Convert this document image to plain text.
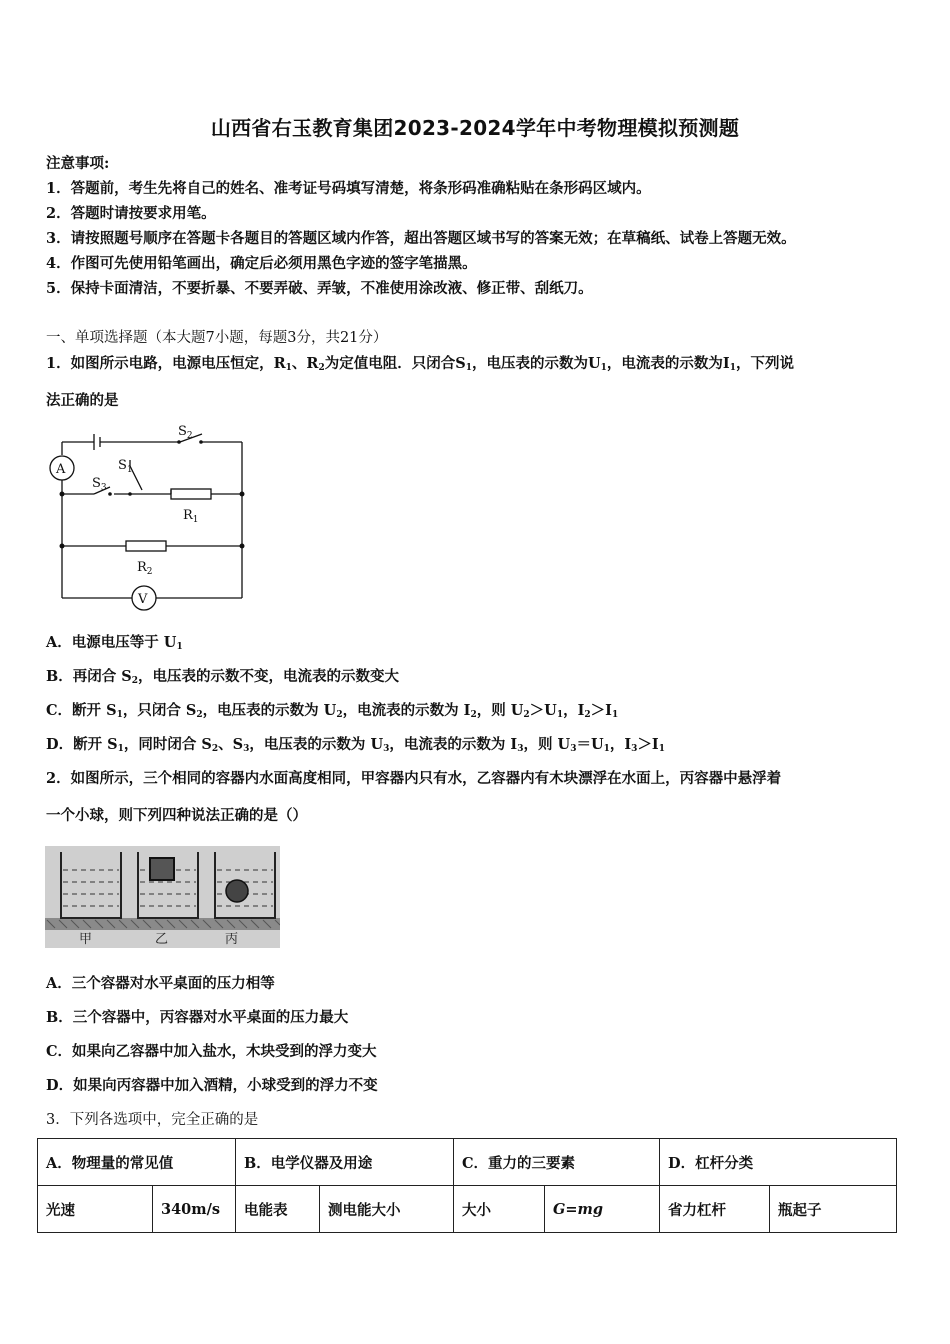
山西省右玉教育集团2023-2024学年中考物理模拟预测题
注意事项:
1．答题前，考生先将自己的姓名、准考证号码填写清楚，将条形码准确粘贴在条形码区域内。
2．答题时请按要求用笔。
3．请按照题号顺序在答题卡各题目的答题区域内作答，超出答题区域书写的答案无效；在草稿纸、试卷上答题无效。
4．作图可先使用铅笔画出，确定后必须用黑色字迹的签字笔描黑。
5．保持卡面清洁，不要折暴、不要弄破、弄皱，不准使用涂改液、修正带、刮纸刀。
一、单项选择题（本大题7小题，每题3分，共21分）
1．如图所示电路，电源电压恒定，$R_1$、$R_2$为定值电阻．只闭合$S_1$，电压表的示数为$U_1$，电流表的示数为$I_1$，下列说
法正确的是
A
V
$S_2$
$S_1$
$S_3$
$R_1$
$R_2$
A．电源电压等于 $U_1$
B．再闭合 $S_2$，电压表的示数不变，电流表的示数变大
C．断开 $S_1$，只闭合 $S_2$，电压表的示数为 $U_2$，电流表的示数为 $I_2$，则 $U_2>U_1$，$I_2>I_1$
D．断开 $S_1$，同时闭合 $S_2$、$S_3$，电压表的示数为 $U_3$，电流表的示数为 $I_3$，则 $U_3=U_1$，$I_3>I_1$
2．如图所示，三个相同的容器内水面高度相同，甲容器内只有水，乙容器内有木块漂浮在水面上，丙容器中悬浮着
一个小球，则下列四种说法正确的是（）
甲	乙	丙
A．三个容器对水平桌面的压力相等
B．三个容器中，丙容器对水平桌面的压力最大
C．如果向乙容器中加入盐水，木块受到的浮力变大
D．如果向丙容器中加入酒精，小球受到的浮力不变
3．下列各选项中，完全正确的是
A．物理量的常见值		B．电学仪器及用途		C．重力的三要素		D．杠杆分类	
光速	340m/s	电能表	测电能大小	大小	G=mg	省力杠杆	瓶起子
